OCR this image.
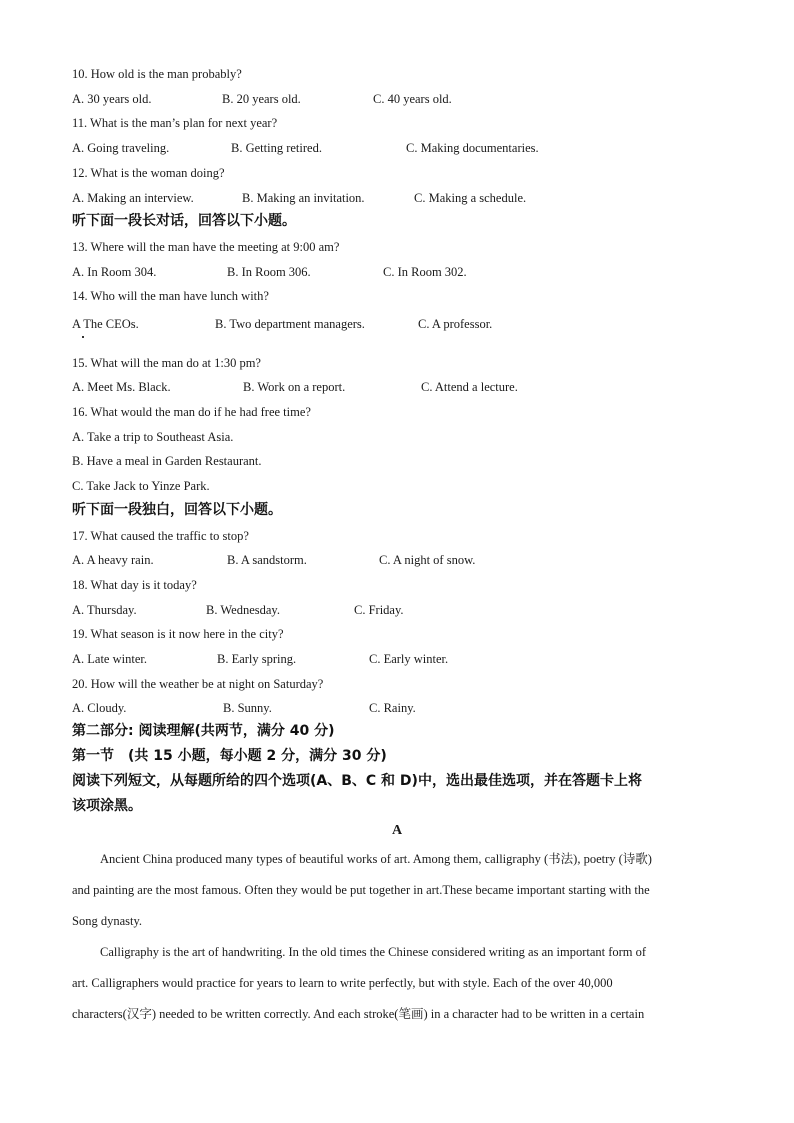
10. How old is the man probably?
A. 30 years old.	B. 20 years old.	C. 40 years old.
11. What is the man’s plan for next year?
A. Going traveling.	B. Getting retired.	C. Making documentaries.
12. What is the woman doing?
A. Making an interview.	B. Making an invitation.	C. Making a schedule.
听下面一段长对话，回答以下小题。
13. Where will the man have the meeting at 9:00 am?
A. In Room 304.	B. In Room 306.	C. In Room 302.
14. Who will the man have lunch with?
A The CEOs.	B. Two department managers.	C. A professor.
15. What will the man do at 1:30 pm?
A. Meet Ms. Black.	B. Work on a report.	C. Attend a lecture.
16. What would the man do if he had free time?
A. Take a trip to Southeast Asia.
B. Have a meal in Garden Restaurant.
C. Take Jack to Yinze Park.
听下面一段独白，回答以下小题。
17. What caused the traffic to stop?
A. A heavy rain.	B. A sandstorm.	C. A night of snow.
18. What day is it today?
A. Thursday.	B. Wednesday.	C. Friday.
19. What season is it now here in the city?
A. Late winter.	B. Early spring.	C. Early winter.
20. How will the weather be at night on Saturday?
A. Cloudy.	B. Sunny.	C. Rainy.
第二部分: 阅读理解(共两节，满分 40 分)
第一节　(共 15 小题，每小题 2 分，满分 30 分)
阅读下列短文，从每题所给的四个选项(A、B、C 和 D)中，选出最佳选项，并在答题卡上将
该项涂黑。
A
Ancient China produced many types of beautiful works of art. Among them, calligraphy (书法), poetry (诗歌)
and painting are the most famous. Often they would be put together in art.These became important starting with the
Song dynasty.
Calligraphy is the art of handwriting. In the old times the Chinese considered writing as an important form of
art. Calligraphers would practice for years to learn to write perfectly, but with style. Each of the over 40,000
characters(汉字) needed to be written correctly. And each stroke(笔画) in a character had to be written in a certain
